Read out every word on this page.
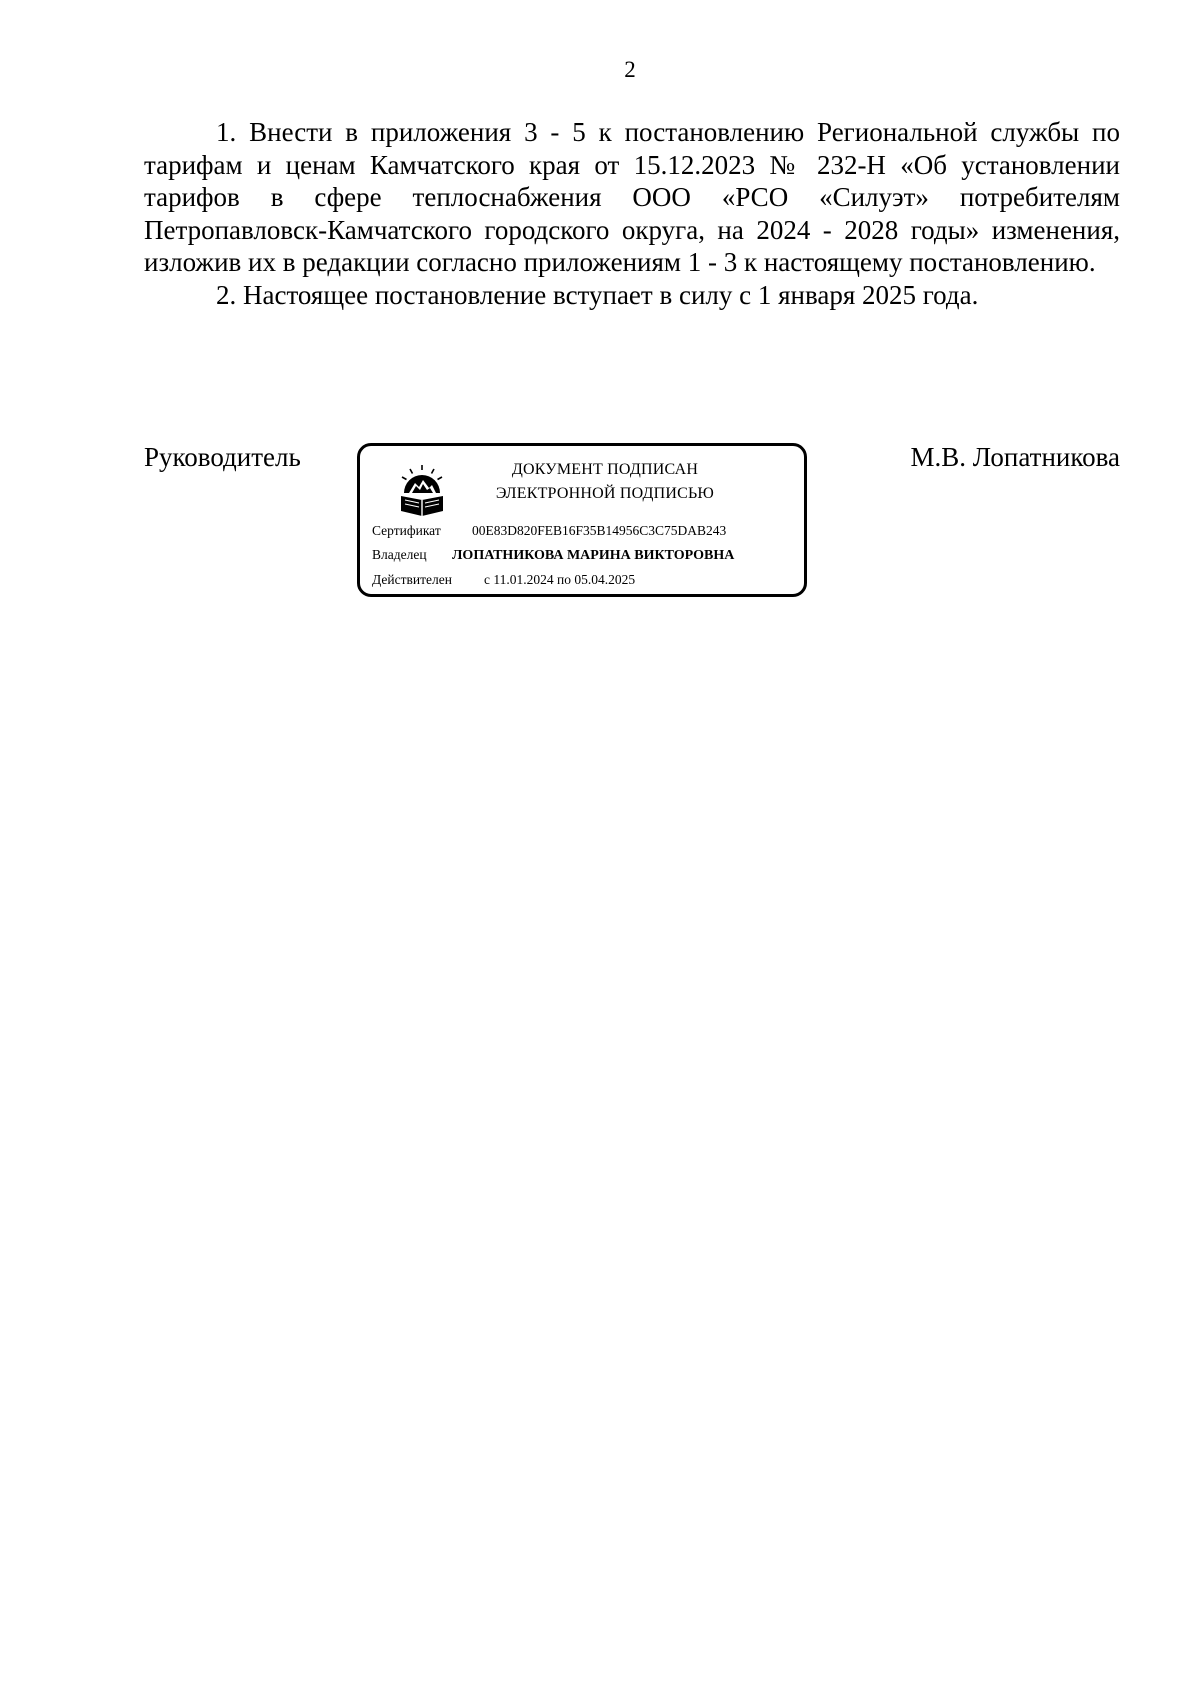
2

1. Внести в приложения 3 - 5 к постановлению Региональной службы по тарифам и ценам Камчатского края от 15.12.2023 № 232-Н «Об установлении тарифов в сфере теплоснабжения ООО «РСО «Силуэт» потребителям Петропавловск-Камчатского городского округа, на 2024 - 2028 годы» изменения, изложив их в редакции согласно приложениям 1 - 3 к настоящему постановлению.

2. Настоящее постановление вступает в силу с 1 января 2025 года.

Руководитель	ДОКУМЕНТ ПОДПИСАН
ЭЛЕКТРОННОЙ ПОДПИСЬЮ
Сертификат 00E83D820FEB16F35B14956C3C75DAB243
Владелец ЛОПАТНИКОВА МАРИНА ВИКТОРОВНА
Действителен с 11.01.2024 по 05.04.2025
М.В. Лопатникова
